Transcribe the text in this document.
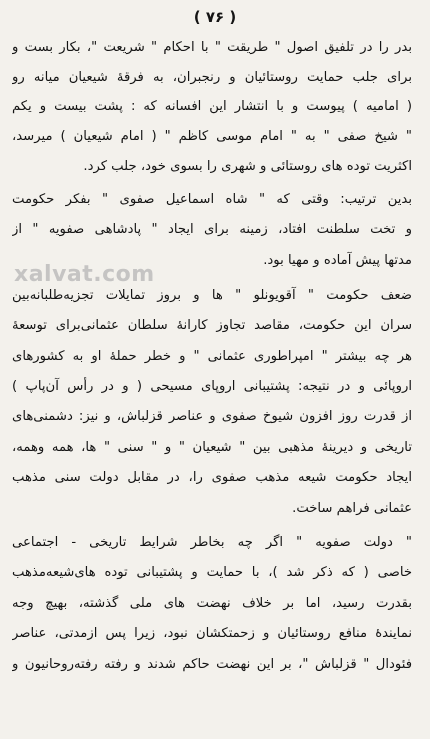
( ۷۶ )
بدر را در تلفیق اصول " طریقت " با احکام " شریعت "، بکار بست و
برای جلب حمایت روستائیان و رنجبران، به فرقهٔ شیعیان میانه رو
( امامیه ) پیوست و با انتشار این افسانه که : پشت بیست و یکم
" شیخ صفی " به " امام موسی کاظم " ( امام شیعیان ) میرسد،
اکثریت توده های روستائی و شهری را بسوی خود، جلب کرد.
بدین ترتیب: وقتی که " شاه اسماعیل صفوی " بفکر حکومت
و تخت سلطنت افتاد، زمینه برای ایجاد " پادشاهی صفویه " از
مدتها پیش آماده و مهیا بود.
xalvat.com
ضعف حکومت " آقویونلو " ها و بروز تمایلات تجزیه‌طلبانه‌بین
سران این حکومت، مقاصد تجاوز کارانهٔ سلطان عثمانی‌برای توسعهٔ
هر چه بیشتر " امپراطوری عثمانی " و خطر حملهٔ او به کشورهای
اروپائی و در نتیجه: پشتیبانی اروپای مسیحی ( و در رأس آن‌پاپ )
از قدرت روز افزون شیوخ صفوی و عناصر قزلباش، و نیز: دشمنی‌های
تاریخی و دیرینهٔ مذهبی بین " شیعیان " و " سنی " ها، همه وهمه،
ایجاد حکومت شیعه مذهب صفوی را، در مقابل دولت سنی مذهب
عثمانی فراهم ساخت.
" دولت صفویه " اگر چه بخاطر شرایط تاریخی - اجتماعی
خاصی ( که ذکر شد )، با حمایت و پشتیبانی توده های‌شیعه‌مذهب
بقدرت رسید، اما بر خلاف نهضت های ملی گذشته، بهیچ وجه
نمایندهٔ منافع روستائیان و زحمتکشان نبود، زیرا پس ازمدتی، عناصر
فئودال " قزلباش "، بر این نهضت حاکم شدند و رفته رفته‌روحانیون و
